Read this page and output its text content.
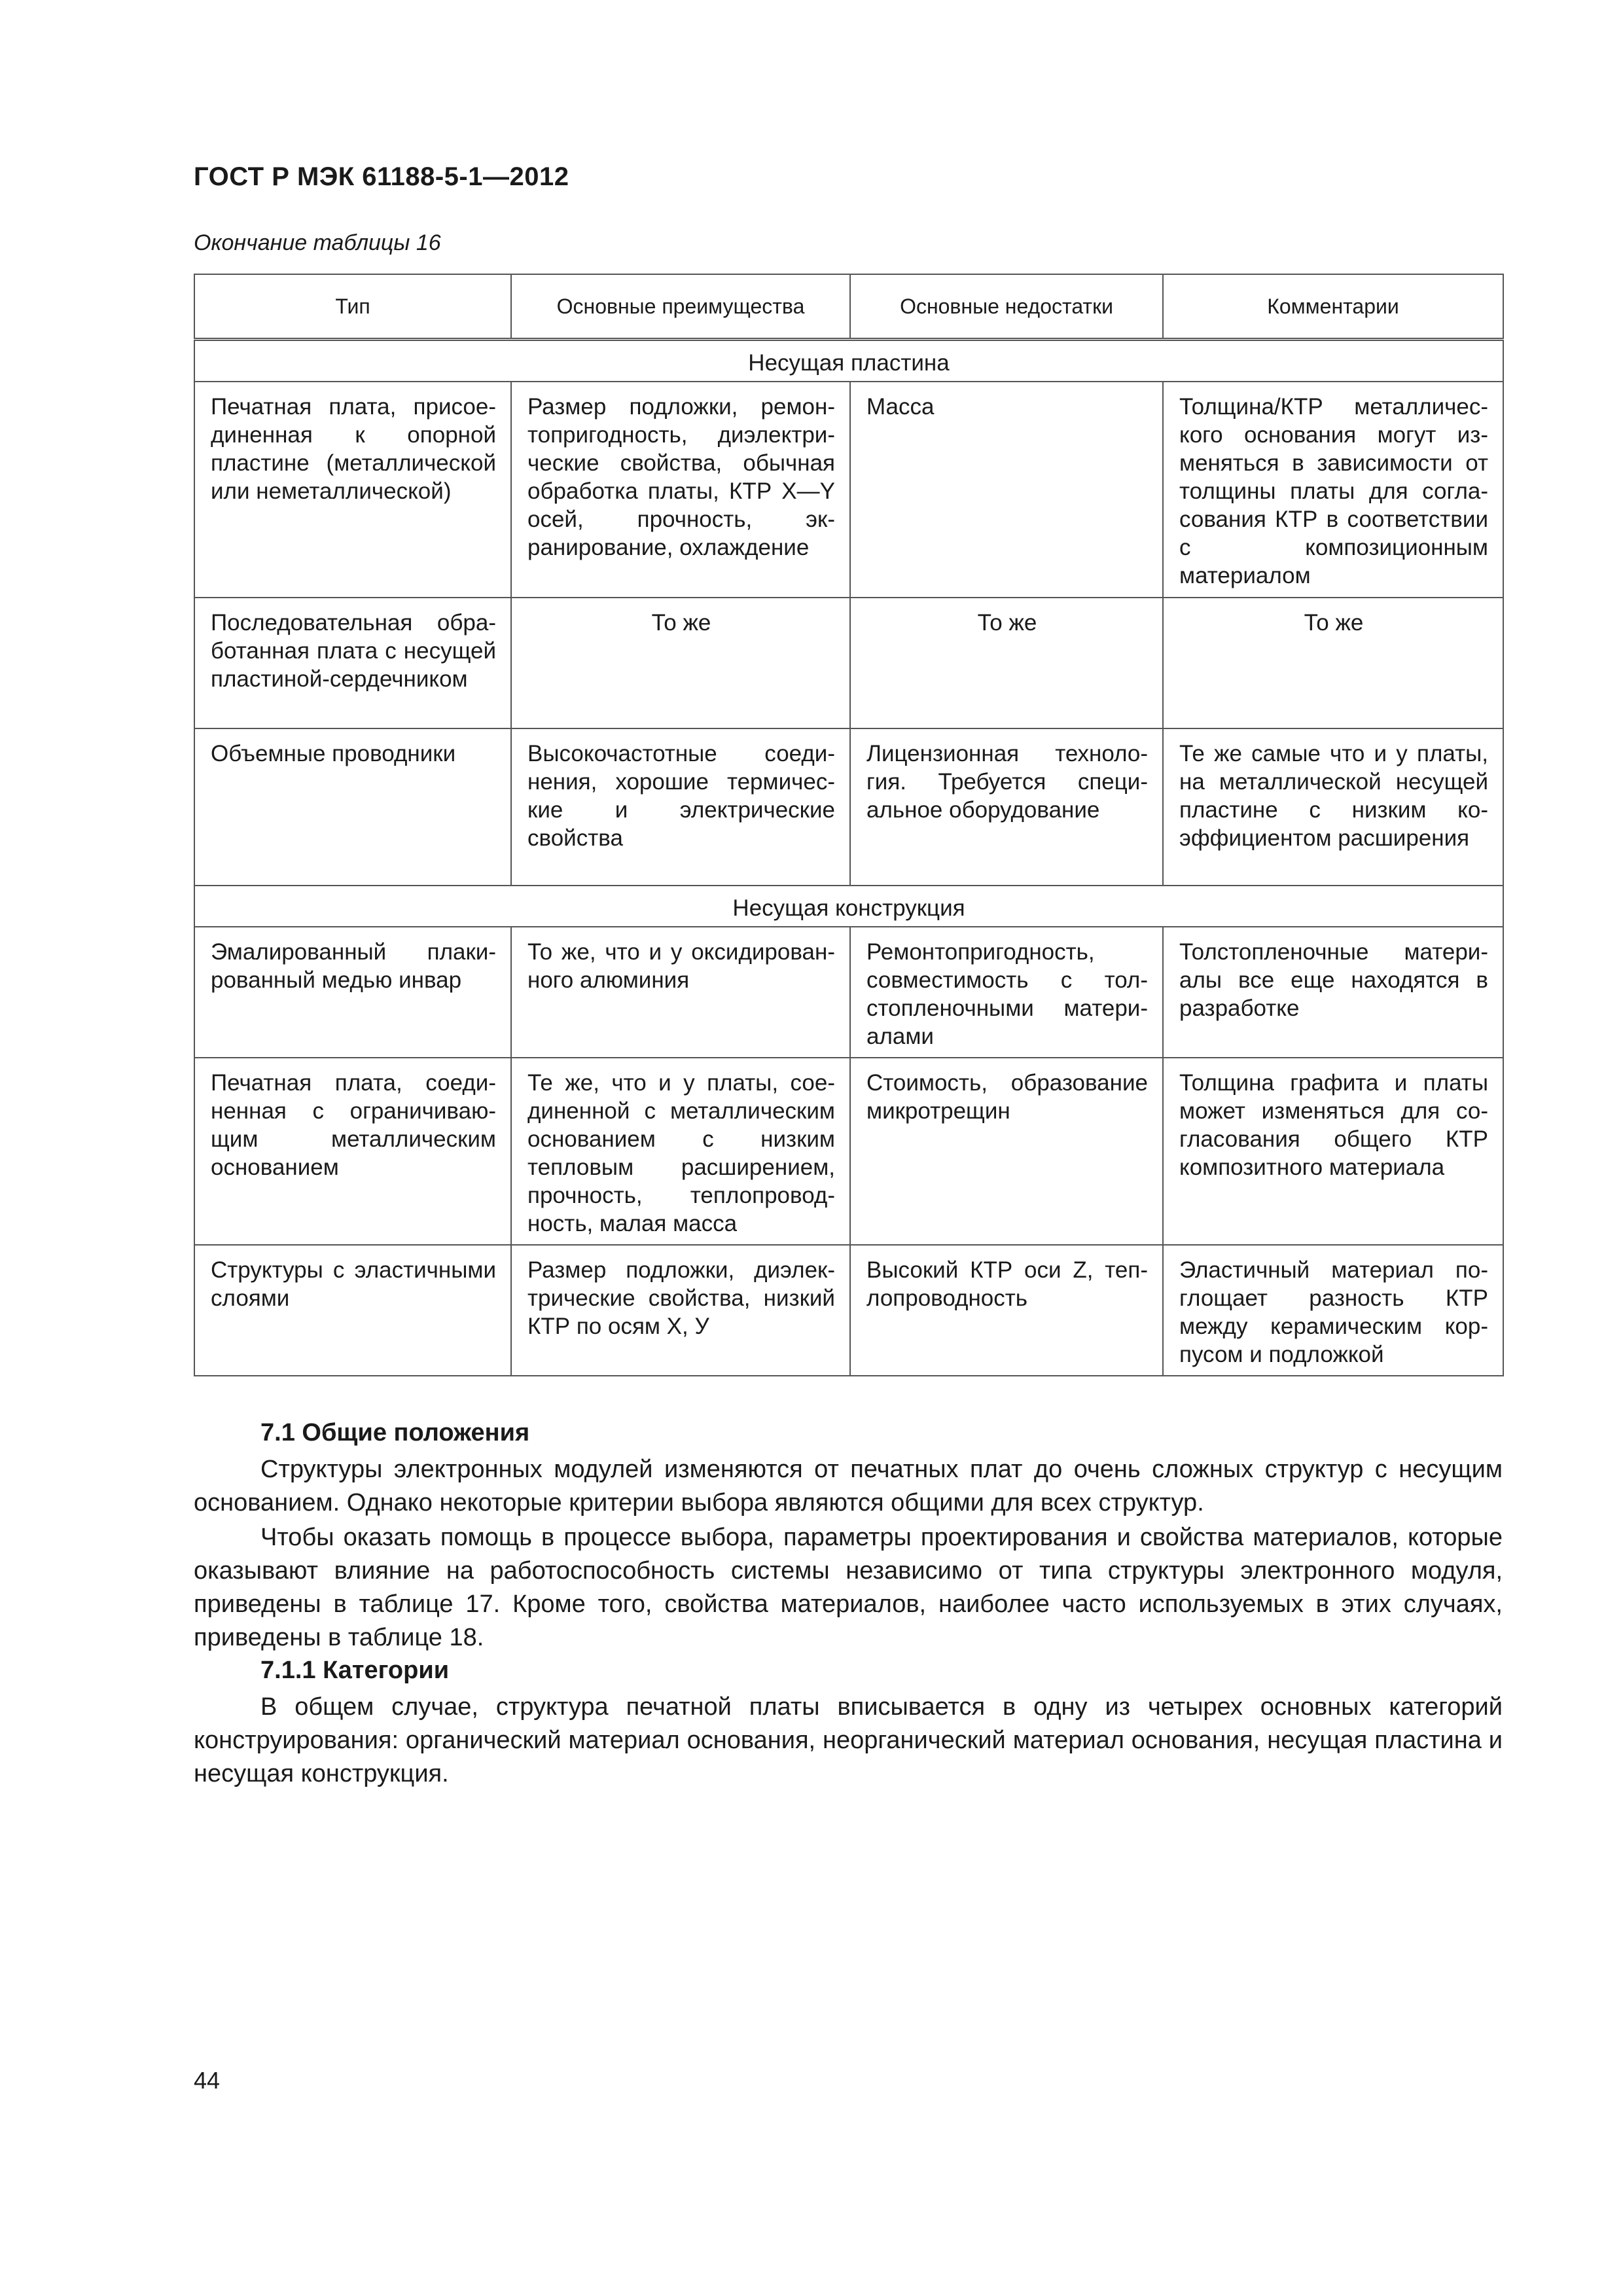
ГОСТ Р МЭК 61188-5-1—2012
Окончание таблицы 16
Тип	Основные преимущества	Основные недостатки	Комментарии
Несущая пластина			
Печатная плата, присоединенная к опорной пластине (металлической или неметаллической)	Размер подложки, ремонтопригодность, диэлектрические свойства, обычная обработка платы, КТР X—Y осей, прочность, экранирование, охлаждение	Масса	Толщина/КТР металлического основания могут изменяться в зависимости от толщины платы для согласования КТР в соответствии с композиционным материалом
Последовательная обработанная плата с несущей пластиной-сердечником	То же	То же	То же
Объемные проводники	Высокочастотные соединения, хорошие термические и электрические свойства	Лицензионная технология. Требуется специальное оборудование	Те же самые что и у платы, на металлической несущей пластине с низким коэффициентом расширения
Несущая конструкция			
Эмалированный плакированный медью инвар	То же, что и у оксидированного алюминия	Ремонтопригодность, совместимость с толстопленочными материалами	Толстопленочные материалы все еще находятся в разработке
Печатная плата, соединенная с ограничивающим металлическим основанием	Те же, что и у платы, соединенной с металлическим основанием с низким тепловым расширением, прочность, теплопроводность, малая масса	Стоимость, образование микротрещин	Толщина графита и платы может изменяться для согласования общего КТР композитного материала
Структуры с эластичными слоями	Размер подложки, диэлектрические свойства, низкий КТР по осям X, У	Высокий КТР оси Z, теплопроводность	Эластичный материал поглощает разность КТР между керамическим корпусом и подложкой
7.1 Общие положения
Структуры электронных модулей изменяются от печатных плат до очень сложных структур с несущим основанием. Однако некоторые критерии выбора являются общими для всех структур.
Чтобы оказать помощь в процессе выбора, параметры проектирования и свойства материалов, которые оказывают влияние на работоспособность системы независимо от типа структуры электронного модуля, приведены в таблице 17. Кроме того, свойства материалов, наиболее часто используемых в этих случаях, приведены в таблице 18.
7.1.1 Категории
В общем случае, структура печатной платы вписывается в одну из четырех основных категорий конструирования: органический материал основания, неорганический материал основания, несущая пластина и несущая конструкция.
44
